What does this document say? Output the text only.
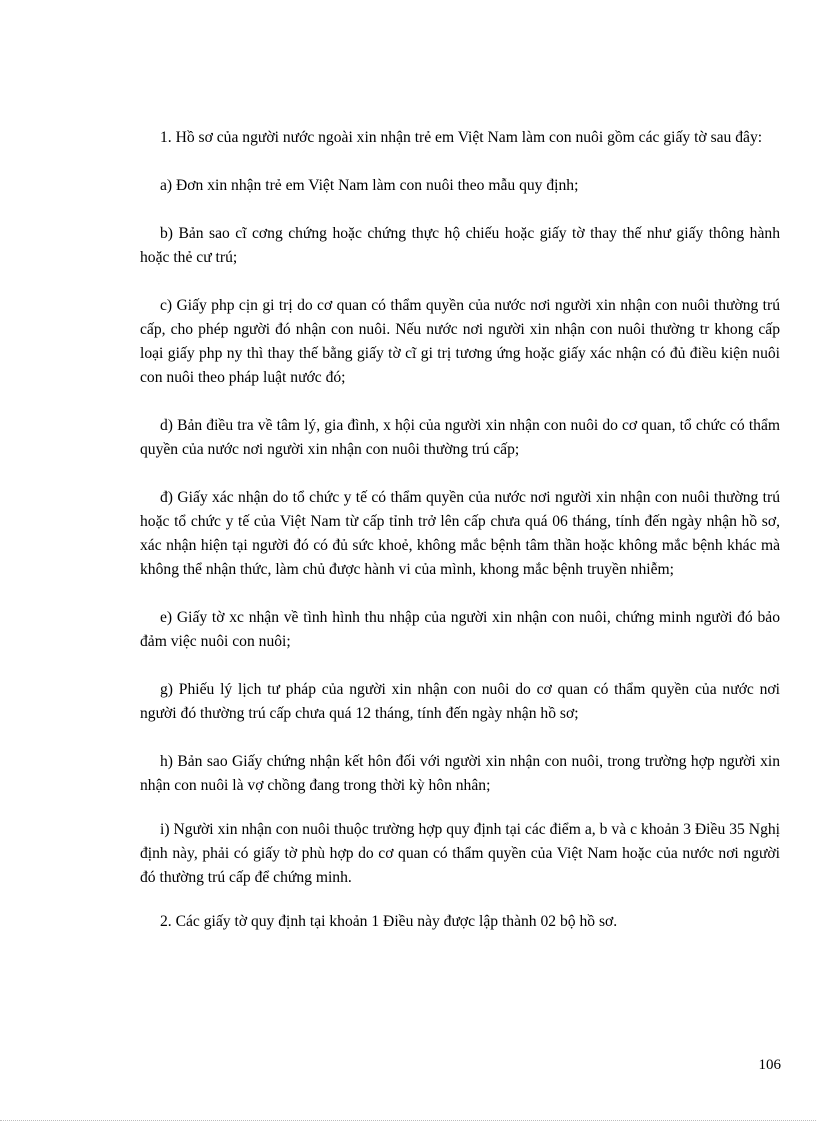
1. Hồ sơ của người nước ngoài xin nhận trẻ em Việt Nam làm con nuôi gồm các giấy tờ sau đây:

a) Đơn xin nhận trẻ em Việt Nam làm con nuôi theo mẫu quy định;

b) Bản sao cĩ cơng chứng hoặc chứng thực hộ chiếu hoặc giấy tờ thay thế như giấy thông hành hoặc thẻ cư trú;

c) Giấy php cịn gi trị do cơ quan có thẩm quyền của nước nơi người xin nhận con nuôi thường trú cấp, cho phép người đó nhận con nuôi. Nếu nước nơi người xin nhận con nuôi thường tr khong cấp loại giấy php ny thì thay thế bằng giấy tờ cĩ gi trị tương ứng hoặc giấy xác nhận có đủ điều kiện nuôi con nuôi theo pháp luật nước đó;

d) Bản điều tra về tâm lý, gia đình, x hội của người xin nhận con nuôi do cơ quan, tổ chức có thẩm quyền của nước nơi người xin nhận con nuôi thường trú cấp;

đ) Giấy xác nhận do tổ chức y tế có thẩm quyền của nước nơi người xin nhận con nuôi thường trú hoặc tổ chức y tế của Việt Nam từ cấp tỉnh trở lên cấp chưa quá 06 tháng, tính đến ngày nhận hồ sơ, xác nhận hiện tại người đó có đủ sức khoẻ, không mắc bệnh tâm thần hoặc không mắc bệnh khác mà không thể nhận thức, làm chủ được hành vi của mình, khong mắc bệnh truyền nhiễm;

e) Giấy tờ xc nhận về tình hình thu nhập của người xin nhận con nuôi, chứng minh người đó bảo đảm việc nuôi con nuôi;

g) Phiếu lý lịch tư pháp của người xin nhận con nuôi do cơ quan có thẩm quyền của nước nơi người đó thường trú cấp chưa quá 12 tháng, tính đến ngày nhận hồ sơ;

h) Bản sao Giấy chứng nhận kết hôn đối với người xin nhận con nuôi, trong trường hợp người xin nhận con nuôi là vợ chồng đang trong thời kỳ hôn nhân;

i) Người xin nhận con nuôi thuộc trường hợp quy định tại các điểm a, b và c khoản 3 Điều 35 Nghị định này, phải có giấy tờ phù hợp do cơ quan có thẩm quyền của Việt Nam hoặc của nước nơi người đó thường trú cấp để chứng minh.

2. Các giấy tờ quy định tại khoản 1 Điều này được lập thành 02 bộ hồ sơ.

106
